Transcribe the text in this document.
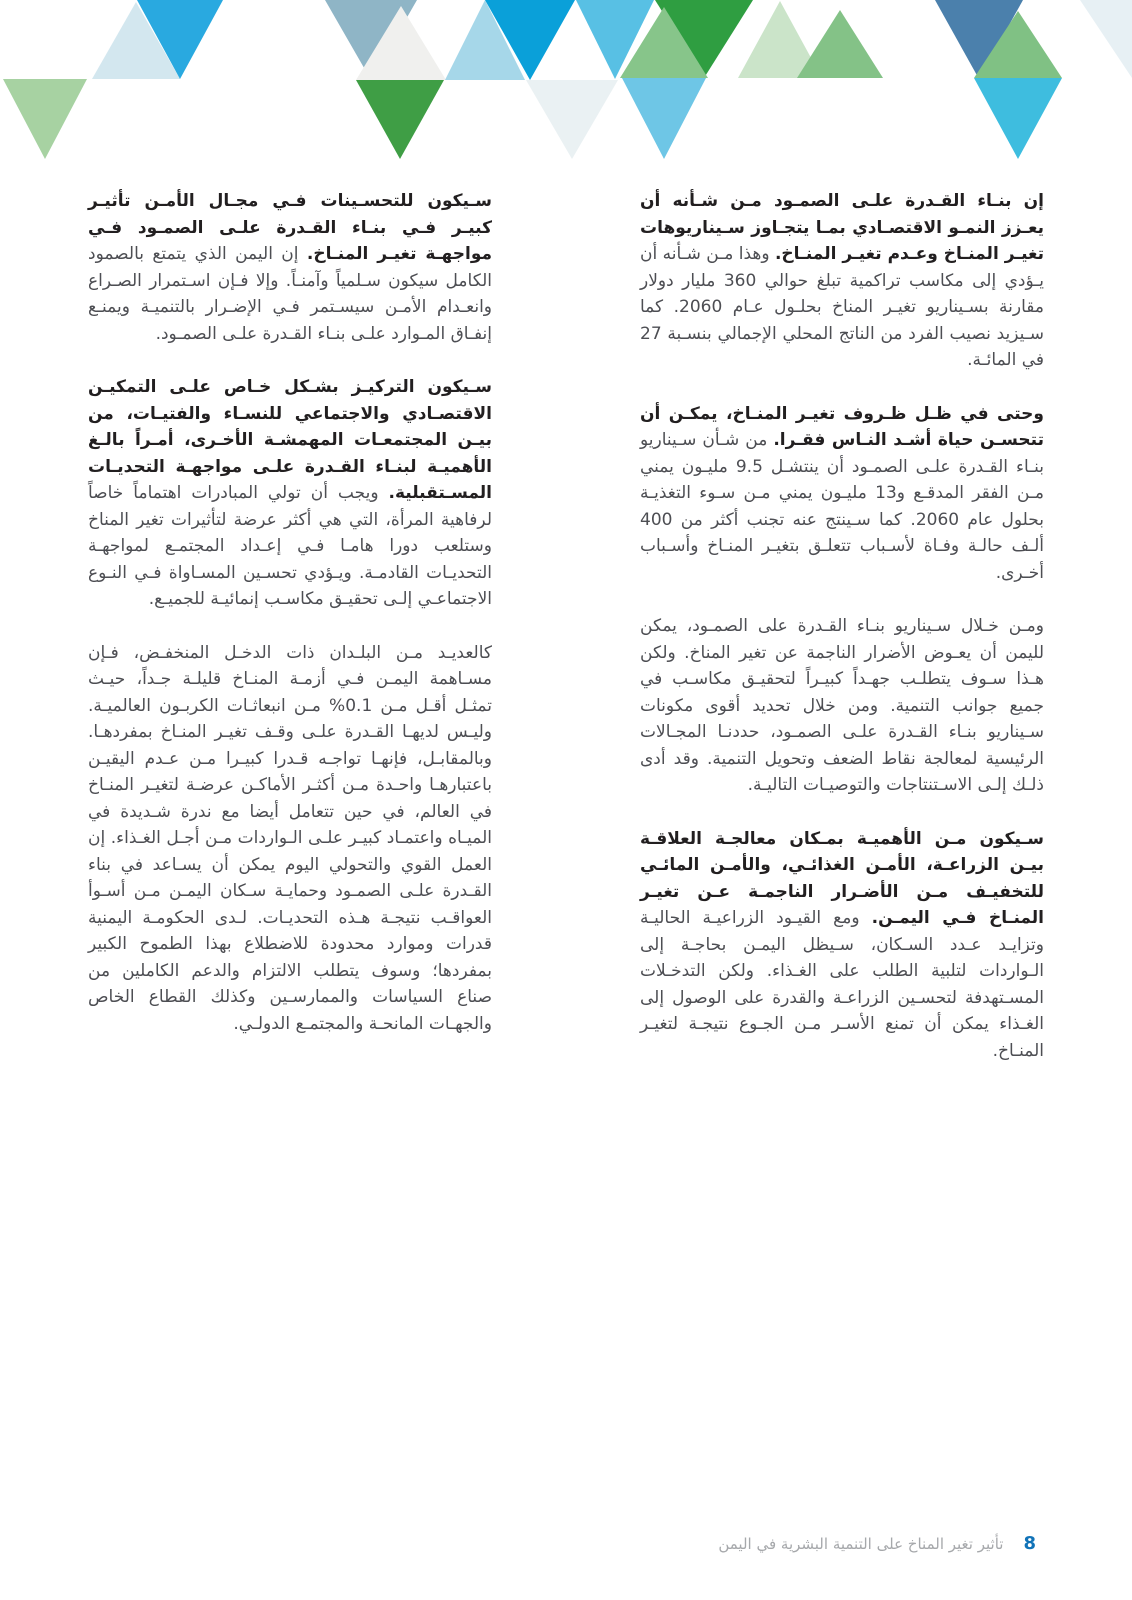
إن بنـاء القـدرة علـى الصمـود مـن شـأنه أن يعـزز النمـو الاقتصـادي بمـا يتجـاوز سـيناريوهات تغيـر المنـاخ وعـدم تغيـر المنـاخ. وهذا مـن شـأنه أن يـؤدي إلى مكاسب تراكمية تبلغ حوالي 360 مليار دولار مقارنة بسـيناريو تغيـر المناخ بحلـول عـام 2060. كما سـيزيد نصيب الفرد من الناتج المحلي الإجمالي بنسـبة 27 في المائـة.

وحتى في ظـل ظـروف تغيـر المنـاخ، يمكـن أن تتحسـن حياة أشـد النـاس فقـرا. من شـأن سـيناريو بنـاء القـدرة علـى الصمـود أن ينتشـل 9.5 مليـون يمني مـن الفقر المدقـع و13 مليـون يمني مـن سـوء التغذيـة بحلول عام 2060. كما سـينتج عنه تجنب أكثر من 400 ألـف حالـة وفـاة لأسـباب تتعلـق بتغيـر المنـاخ وأسـباب أخـرى.

ومـن خـلال سـيناريو بنـاء القـدرة على الصمـود، يمكن لليمن أن يعـوض الأضرار الناجمة عن تغير المناخ. ولكن هـذا سـوف يتطلـب جهـداً كبيـراً لتحقيـق مكاسـب في جميع جوانب التنمية. ومن خلال تحديد أقوى مكونات سـيناريو بنـاء القـدرة علـى الصمـود، حددنـا المجـالات الرئيسية لمعالجة نقاط الضعف وتحويل التنمية. وقد أدى ذلـك إلـى الاسـتنتاجات والتوصيـات التاليـة.

سـيكون مـن الأهميـة بمـكان معالجـة العلاقـة بيـن الزراعـة، الأمـن الغذائـي، والأمـن المائـي للتخفيـف مـن الأضـرار الناجمـة عـن تغيـر المنـاخ فـي اليمـن. ومع القيـود الزراعيـة الحاليـة وتزايـد عـدد السـكان، سـيظل اليمـن بحاجـة إلى الـواردات لتلبية الطلب على الغـذاء. ولكن التدخـلات المسـتهدفة لتحسـين الزراعـة والقدرة على الوصول إلى الغـذاء يمكن أن تمنع الأسـر مـن الجـوع نتيجـة لتغيـر المنـاخ.

سـيكون للتحسـينات فـي مجـال الأمـن تأثيـر كبيـر فـي بنـاء القـدرة علـى الصمـود فـي مواجهـة تغيـر المنـاخ. إن اليمن الذي يتمتع بالصمود الكامل سيكون سـلمياً وآمنـاً. وإلا فـإن اسـتمرار الصـراع وانعـدام الأمـن سيسـتمر فـي الإضـرار بالتنميـة ويمنـع إنفـاق المـوارد علـى بنـاء القـدرة علـى الصمـود.

سـيكون التركيـز بشـكل خـاص علـى التمكيـن الاقتصـادي والاجتماعي للنسـاء والفتيـات، من بيـن المجتمعـات المهمشـة الأخـرى، أمـراً بالـغ الأهميـة لبنـاء القـدرة علـى مواجهـة التحديـات المسـتقبلية. ويجب أن تولي المبادرات اهتماماً خاصاً لرفاهية المرأة، التي هي أكثر عرضة لتأثيرات تغير المناخ وستلعب دورا هامـا فـي إعـداد المجتمـع لمواجهـة التحديـات القادمـة. ويـؤدي تحسـين المسـاواة فـي النـوع الاجتماعـي إلـى تحقيـق مكاسـب إنمائيـة للجميـع.

كالعديـد مـن البلـدان ذات الدخـل المنخفـض، فـإن مسـاهمة اليمـن فـي أزمـة المنـاخ قليلـة جـداً، حيـث تمثـل أقـل مـن 0.1% مـن انبعاثـات الكربـون العالميـة. وليـس لديهـا القـدرة علـى وقـف تغيـر المنـاخ بمفردهـا. وبالمقابـل، فإنهـا تواجـه قـدرا كبيـرا مـن عـدم اليقيـن باعتبارهـا واحـدة مـن أكثـر الأماكـن عرضـة لتغيـر المنـاخ في العالم، في حين تتعامل أيضا مع ندرة شـديدة في الميـاه واعتمـاد كبيـر علـى الـواردات مـن أجـل الغـذاء. إن العمل القوي والتحولي اليوم يمكن أن يسـاعد في بناء القـدرة علـى الصمـود وحمايـة سـكان اليمـن مـن أسـوأ العواقـب نتيجـة هـذه التحديـات. لـدى الحكومـة اليمنية قدرات وموارد محدودة للاضطلاع بهذا الطموح الكبير بمفردها؛ وسوف يتطلب الالتزام والدعم الكاملين من صناع السياسات والممارسـين وكذلك القطاع الخاص والجهـات المانحـة والمجتمـع الدولـي.

8
تأثير تغير المناخ على التنمية البشرية في اليمن
